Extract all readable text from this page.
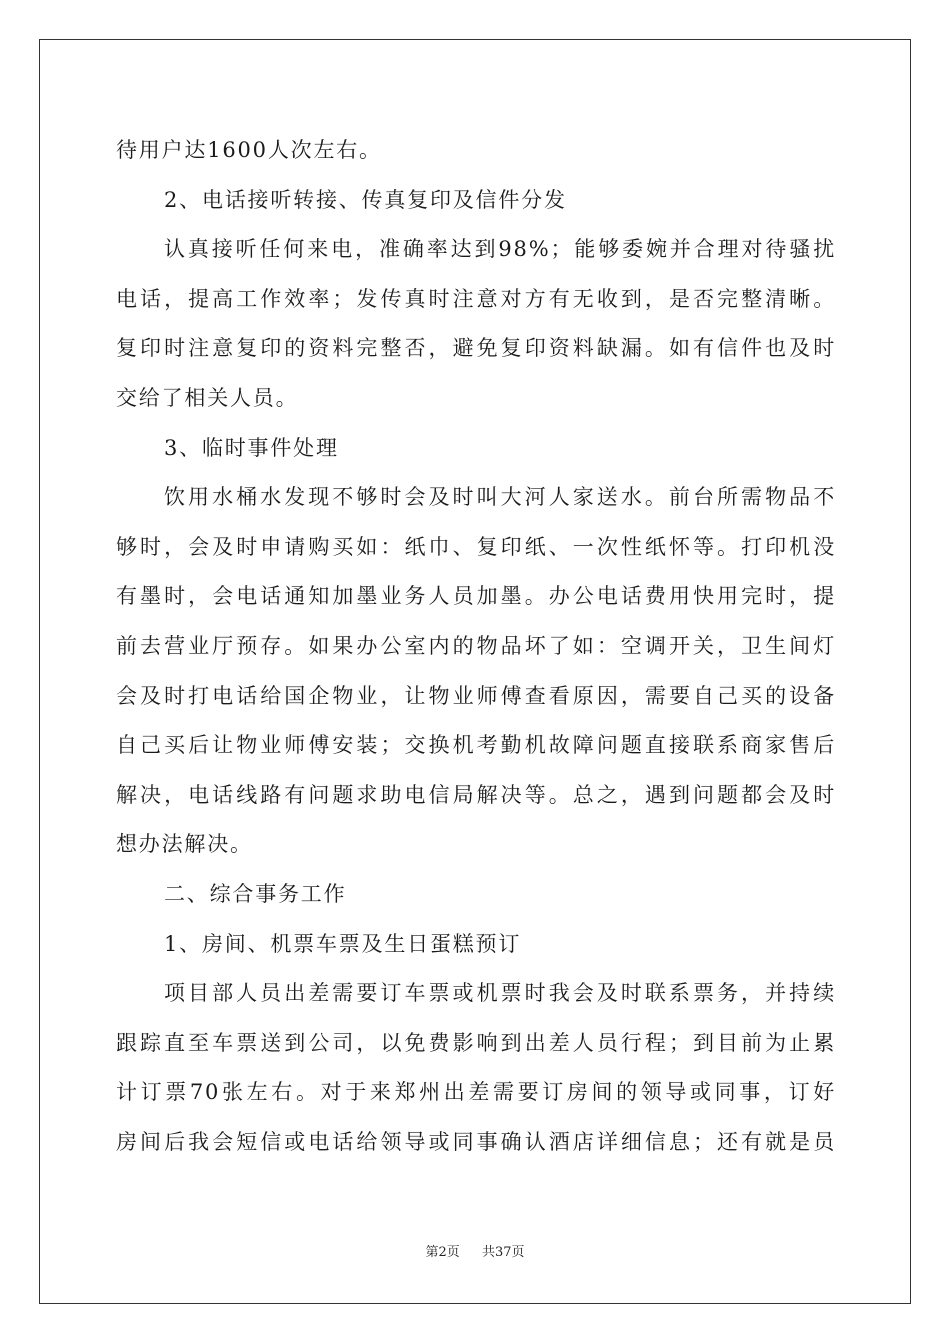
待用户达1600人次左右。
2、电话接听转接、传真复印及信件分发
认真接听任何来电，准确率达到98%；能够委婉并合理对待骚扰
电话，提高工作效率；发传真时注意对方有无收到，是否完整清晰。
复印时注意复印的资料完整否，避免复印资料缺漏。如有信件也及时
交给了相关人员。
3、临时事件处理
饮用水桶水发现不够时会及时叫大河人家送水。前台所需物品不
够时，会及时申请购买如：纸巾、复印纸、一次性纸怀等。打印机没
有墨时，会电话通知加墨业务人员加墨。办公电话费用快用完时，提
前去营业厅预存。如果办公室内的物品坏了如：空调开关，卫生间灯
会及时打电话给国企物业，让物业师傅查看原因，需要自己买的设备
自己买后让物业师傅安装；交换机考勤机故障问题直接联系商家售后
解决，电话线路有问题求助电信局解决等。总之，遇到问题都会及时
想办法解决。
二、综合事务工作
1、房间、机票车票及生日蛋糕预订
项目部人员出差需要订车票或机票时我会及时联系票务，并持续
跟踪直至车票送到公司，以免费影响到出差人员行程；到目前为止累
计订票70张左右。对于来郑州出差需要订房间的领导或同事，订好
房间后我会短信或电话给领导或同事确认酒店详细信息；还有就是员
第2页 共37页
